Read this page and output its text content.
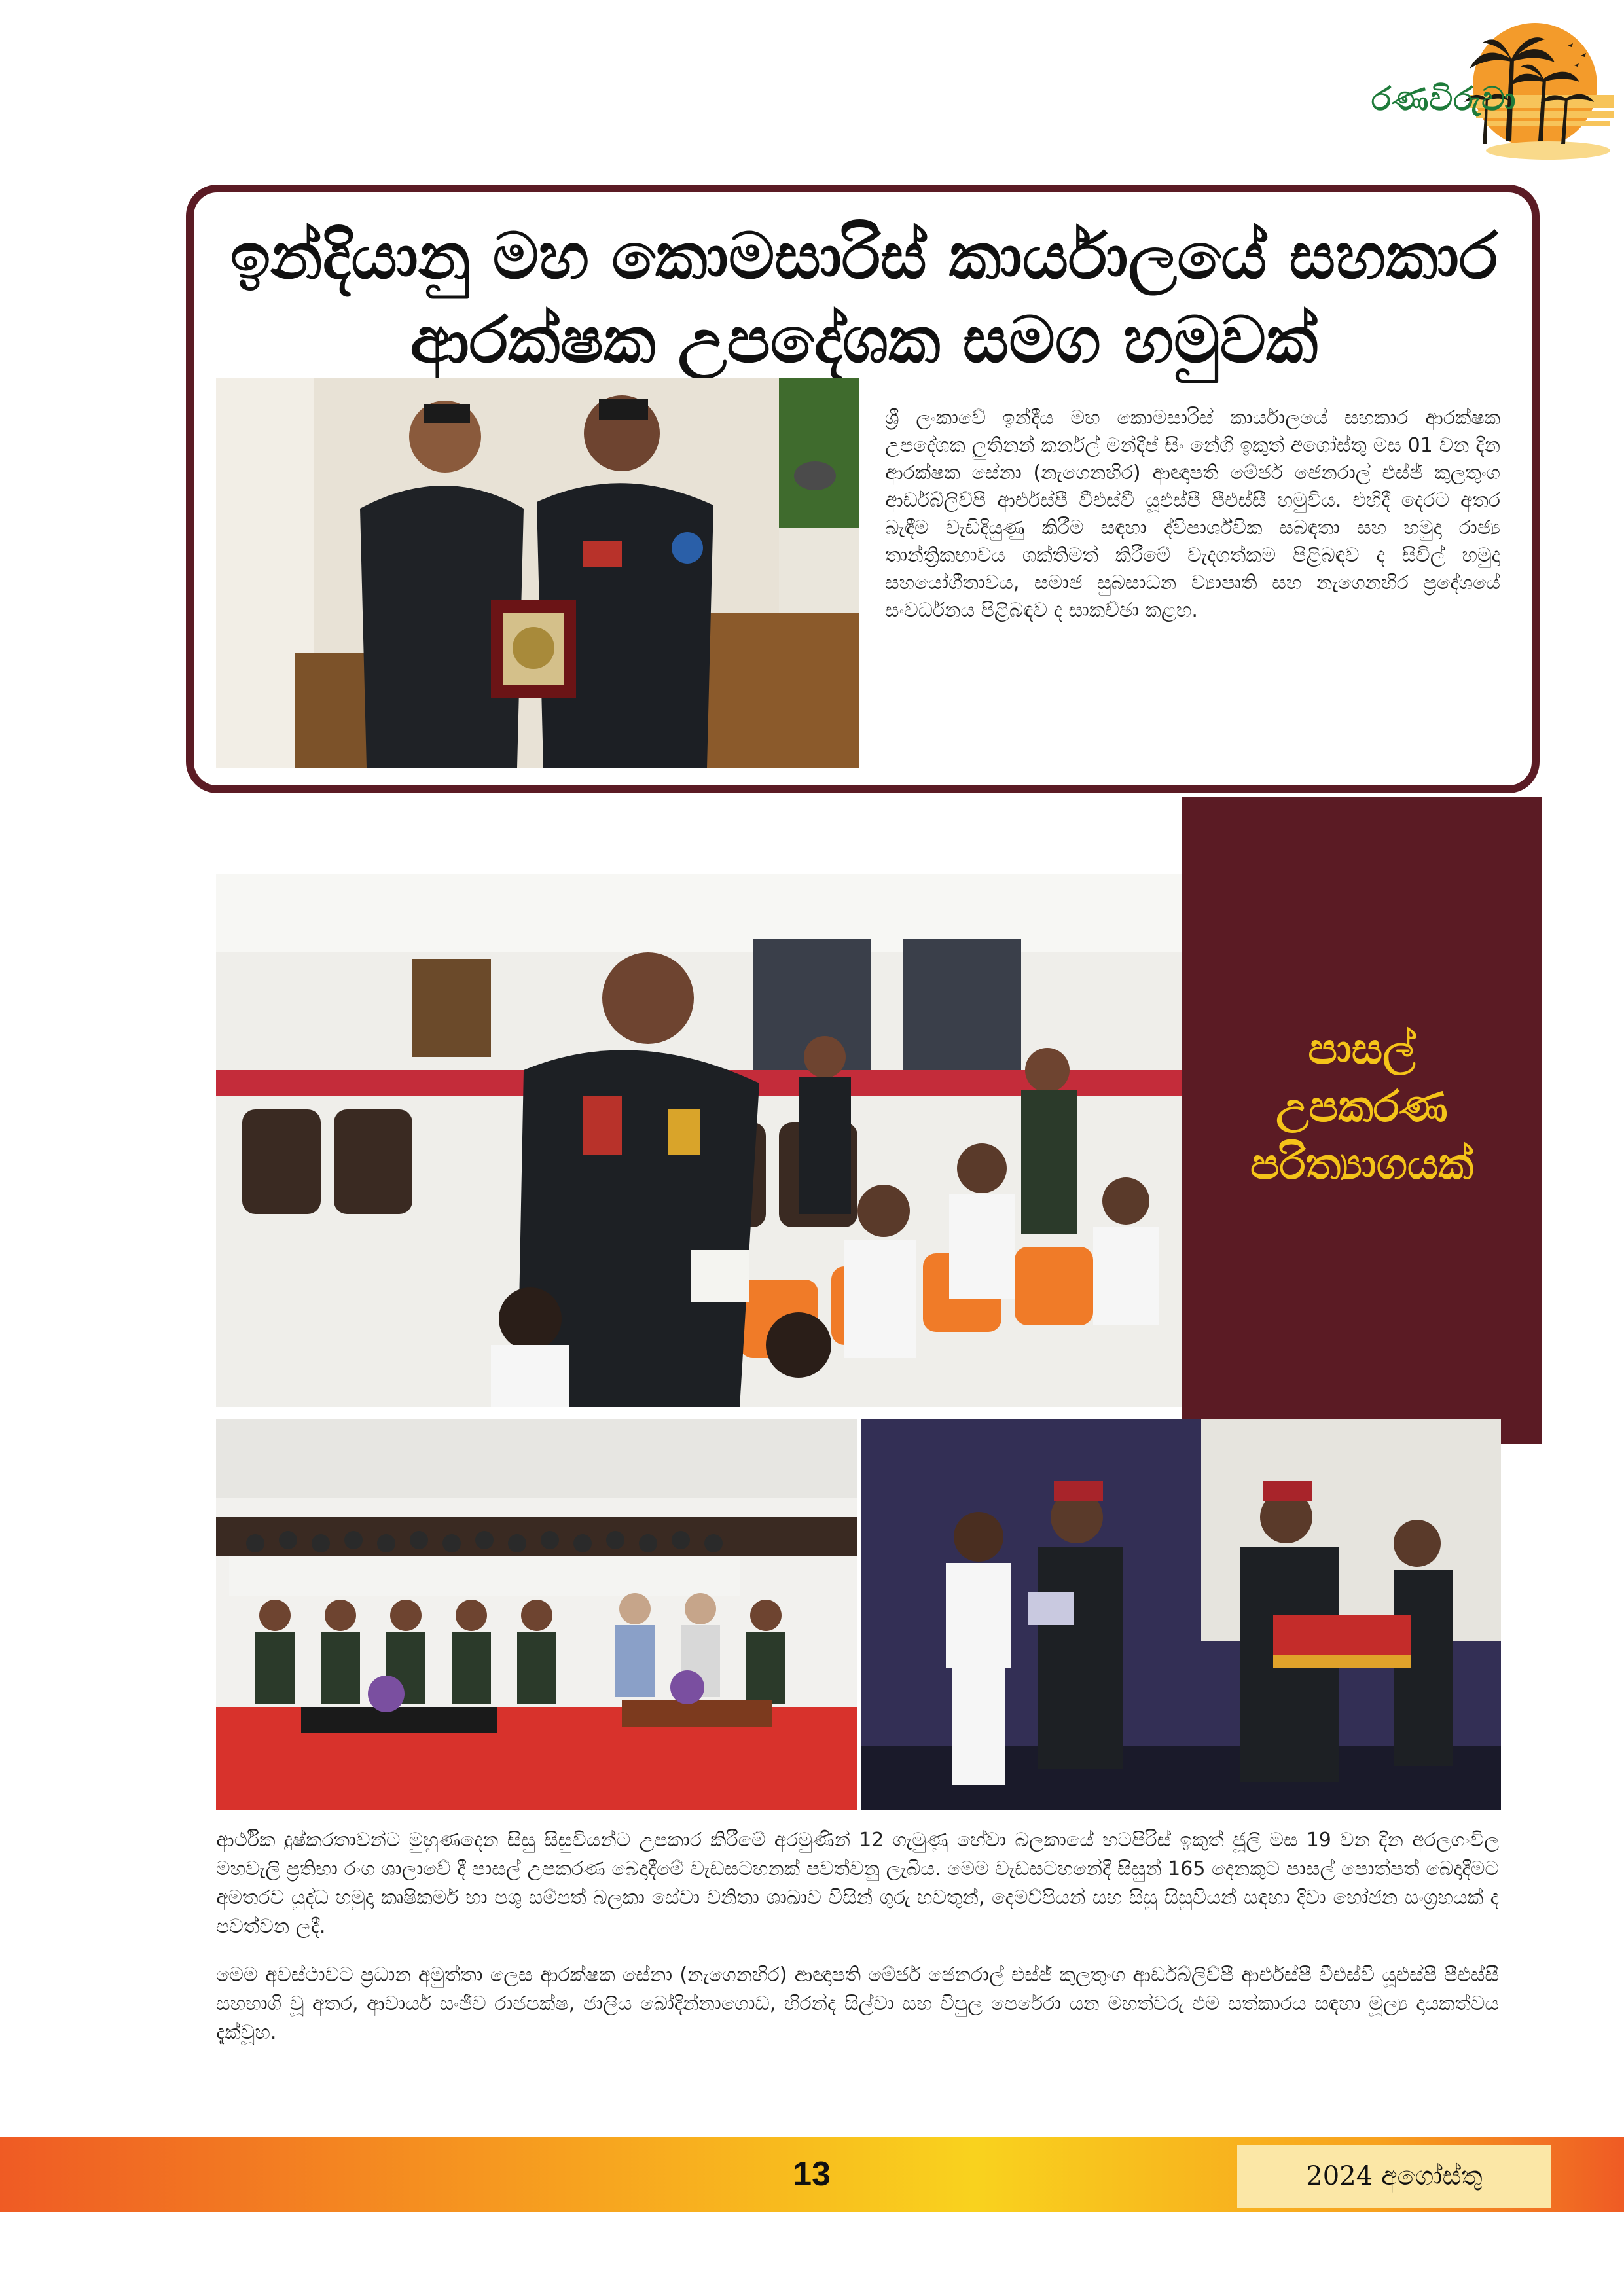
රණවිරුවා
ඉන්දියානු මහ කොමසාරිස් කාර්යාලයේ සහකාර
ආරක්ෂක උපදේශක සමග හමුවක්
ශ්‍රී ලංකාවේ ඉන්දීය මහ කොමසාරිස් කාර්යාලයේ සහකාර ආරක්ෂක උපදේශක ලුතිනන් කර්නල් මන්දීප් සිං නේගි ඉකුත් අගෝස්තු මස 01 වන දින ආරක්ෂක සේනා (නැගෙනහිර) ආඥාපති මේජර් ජෙනරාල් එස්ජ් කුලතුංග ආර්ඩබ්ලිව්පී ආර්එස්පී වීඑස්වී යූඑස්පී පීඑස්සී හමුවිය. එහිදී දෙරට අතර බැඳීම වැඩිදියුණු කිරීම සඳහා ද්විපාර්ශ්වික සබඳතා සහ හමුදා රාජ්‍ය තාන්ත්‍රිකභාවය ශක්තිමත් කිරීමේ වැදගත්කම පිළිබඳව ද සිවිල් හමුදා සහයෝගීතාවය, සමාජ සුබසාධන ව්‍යාපෘති සහ නැගෙනහිර ප්‍රදේශයේ සංවර්ධනය පිළිබඳව ද සාකච්ඡා කළහ.
පාසල්
උපකරණ
පරිත්‍යාගයක්

ආර්ථික දුෂ්කරතාවන්ට මුහුණදෙන සිසු සිසුවියන්ට උපකාර කිරීමේ අරමුණින් 12 ගැමුණු හේවා බලකායේ හටපිරිස් ඉකුත් ජූලි මස 19 වන දින අරලගංවිල මහවැලි ප්‍රතිභා රංග ශාලාවේ දී පාසල් උපකරණ බෙදාදීමේ වැඩසටහනක් පවත්වනු ලැබිය. මෙම වැඩසටහනේදී සිසුන් 165 දෙනකුට පාසල් පොත්පත් බෙදාදීමට අමතරව යුද්ධ හමුදා කෘෂිකර්ම හා පශු සම්පත් බලකා සේවා වනිතා ශාඛාව විසින් ගුරු භවතුන්, දෙමව්පියන් සහ සිසු සිසුවියන් සඳහා දිවා භෝජන සංග්‍රහයක් ද පවත්වන ලදී.

මෙම අවස්ථාවට ප්‍රධාන අමුත්තා ලෙස ආරක්ෂක සේනා (නැගෙනහිර) ආඥාපති මේජර් ජෙනරාල් එස්ජ් කුලතුංග ආර්ඩබ්ලිව්පී ආර්එස්පී වීඑස්වී යූඑස්පී පීඑස්සී සහභාගි වූ අතර, ආචාර්ය සංජීව රාජපක්ෂ, ජාලිය බෝදින්නාගොඩ, හිරන්ද සිල්වා සහ විපුල පෙරේරා යන මහත්වරු එම සත්කාරය සඳහා මූල්‍ය දායකත්වය දැක්වූහ.

13	2024 අගෝස්තු
